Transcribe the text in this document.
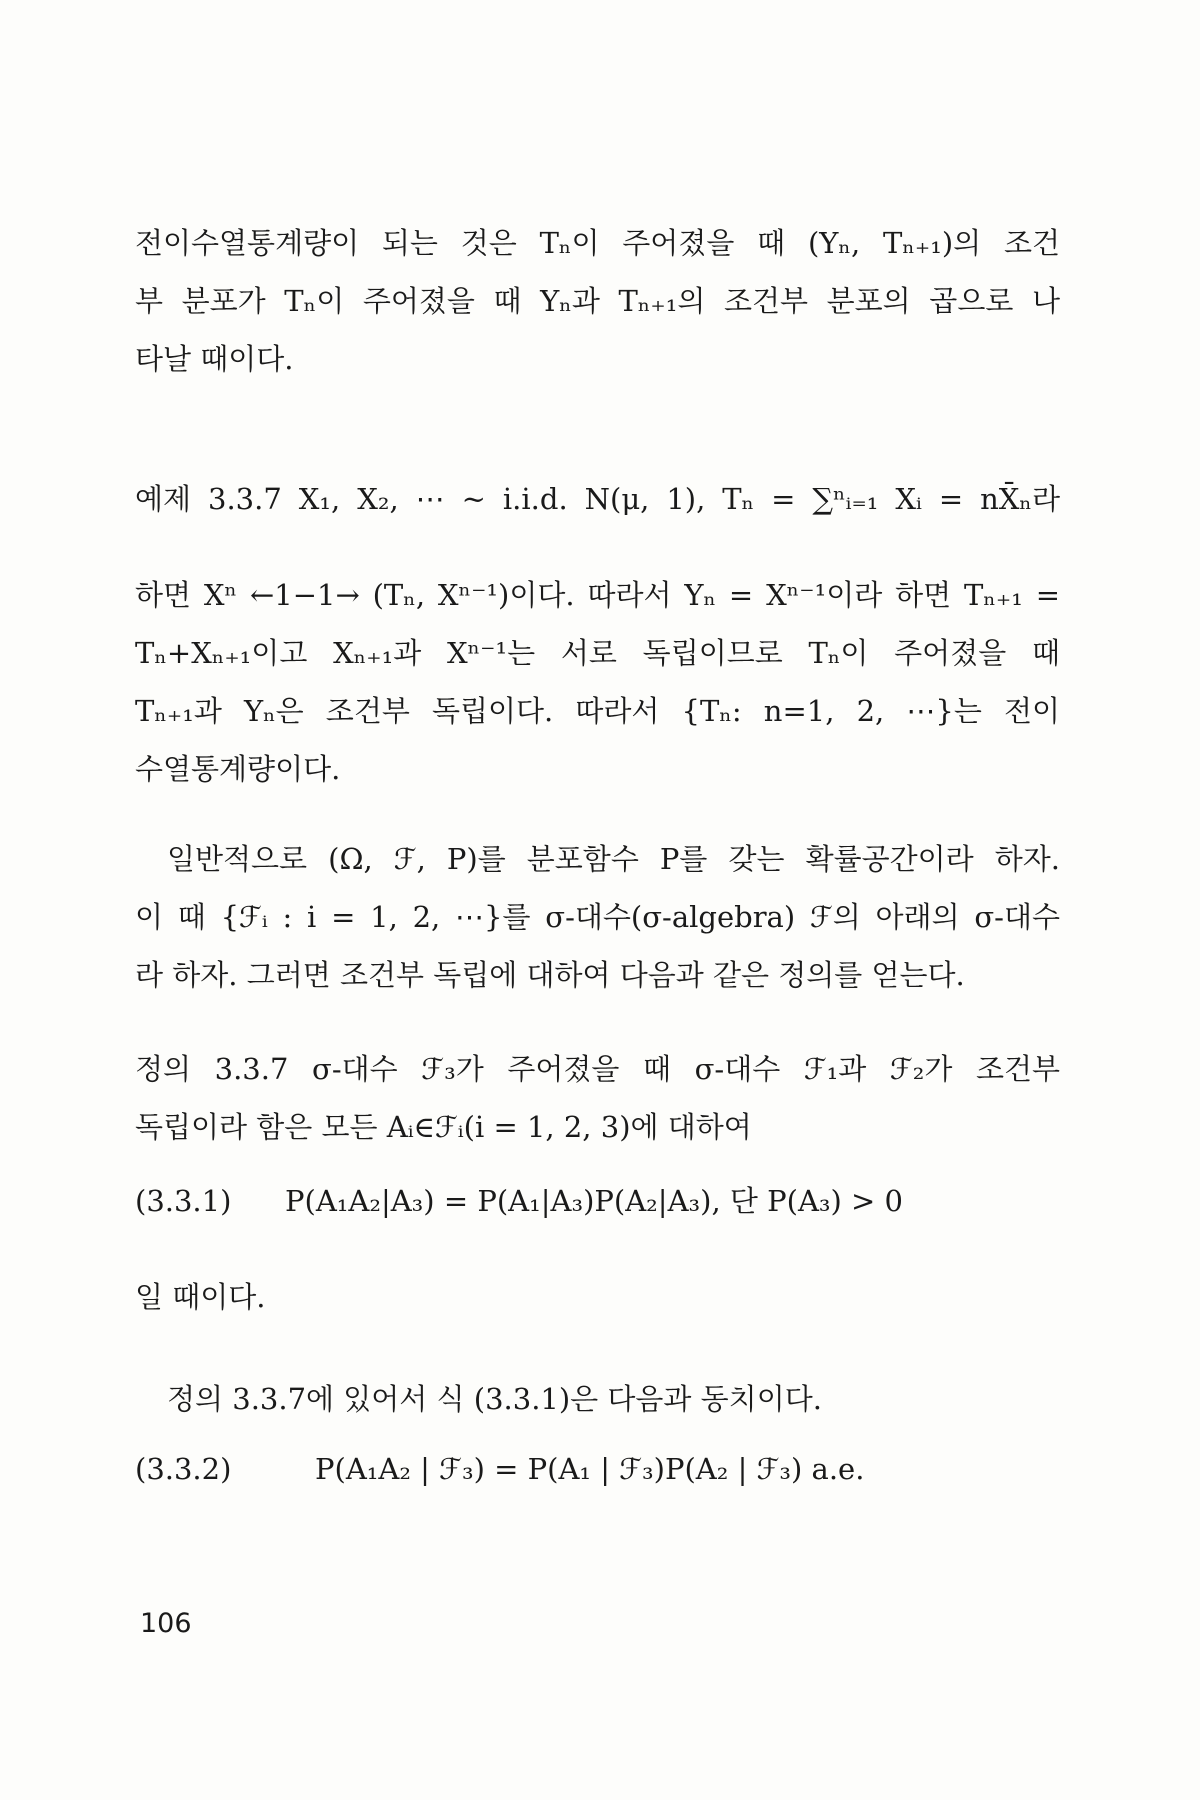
전이수열통계량이 되는 것은 Tₙ이 주어졌을 때 (Yₙ, Tₙ₊₁)의 조건
부 분포가 Tₙ이 주어졌을 때 Yₙ과 Tₙ₊₁의 조건부 분포의 곱으로 나
타날 때이다.
예제 3.3.7 X₁, X₂, ⋯ ~ i.i.d. N(μ, 1), Tₙ = ∑ⁿᵢ₌₁ Xᵢ = nX̄ₙ라
하면 Xⁿ ←1−1→ (Tₙ, Xⁿ⁻¹)이다. 따라서 Yₙ = Xⁿ⁻¹이라 하면 Tₙ₊₁ =
Tₙ+Xₙ₊₁이고 Xₙ₊₁과 Xⁿ⁻¹는 서로 독립이므로 Tₙ이 주어졌을 때
Tₙ₊₁과 Yₙ은 조건부 독립이다. 따라서 {Tₙ: n=1, 2, ⋯}는 전이
수열통계량이다.
일반적으로 (Ω, ℱ, P)를 분포함수 P를 갖는 확률공간이라 하자.
이 때 {ℱᵢ : i = 1, 2, ⋯}를 σ-대수(σ-algebra) ℱ의 아래의 σ-대수
라 하자. 그러면 조건부 독립에 대하여 다음과 같은 정의를 얻는다.
정의 3.3.7 σ-대수 ℱ₃가 주어졌을 때 σ-대수 ℱ₁과 ℱ₂가 조건부
독립이라 함은 모든 Aᵢ∈ℱᵢ(i = 1, 2, 3)에 대하여
(3.3.1) P(A₁A₂|A₃) = P(A₁|A₃)P(A₂|A₃), 단 P(A₃) > 0
일 때이다.
정의 3.3.7에 있어서 식 (3.3.1)은 다음과 동치이다.
(3.3.2)	P(A₁A₂ | ℱ₃) = P(A₁ | ℱ₃)P(A₂ | ℱ₃) a.e.
106
